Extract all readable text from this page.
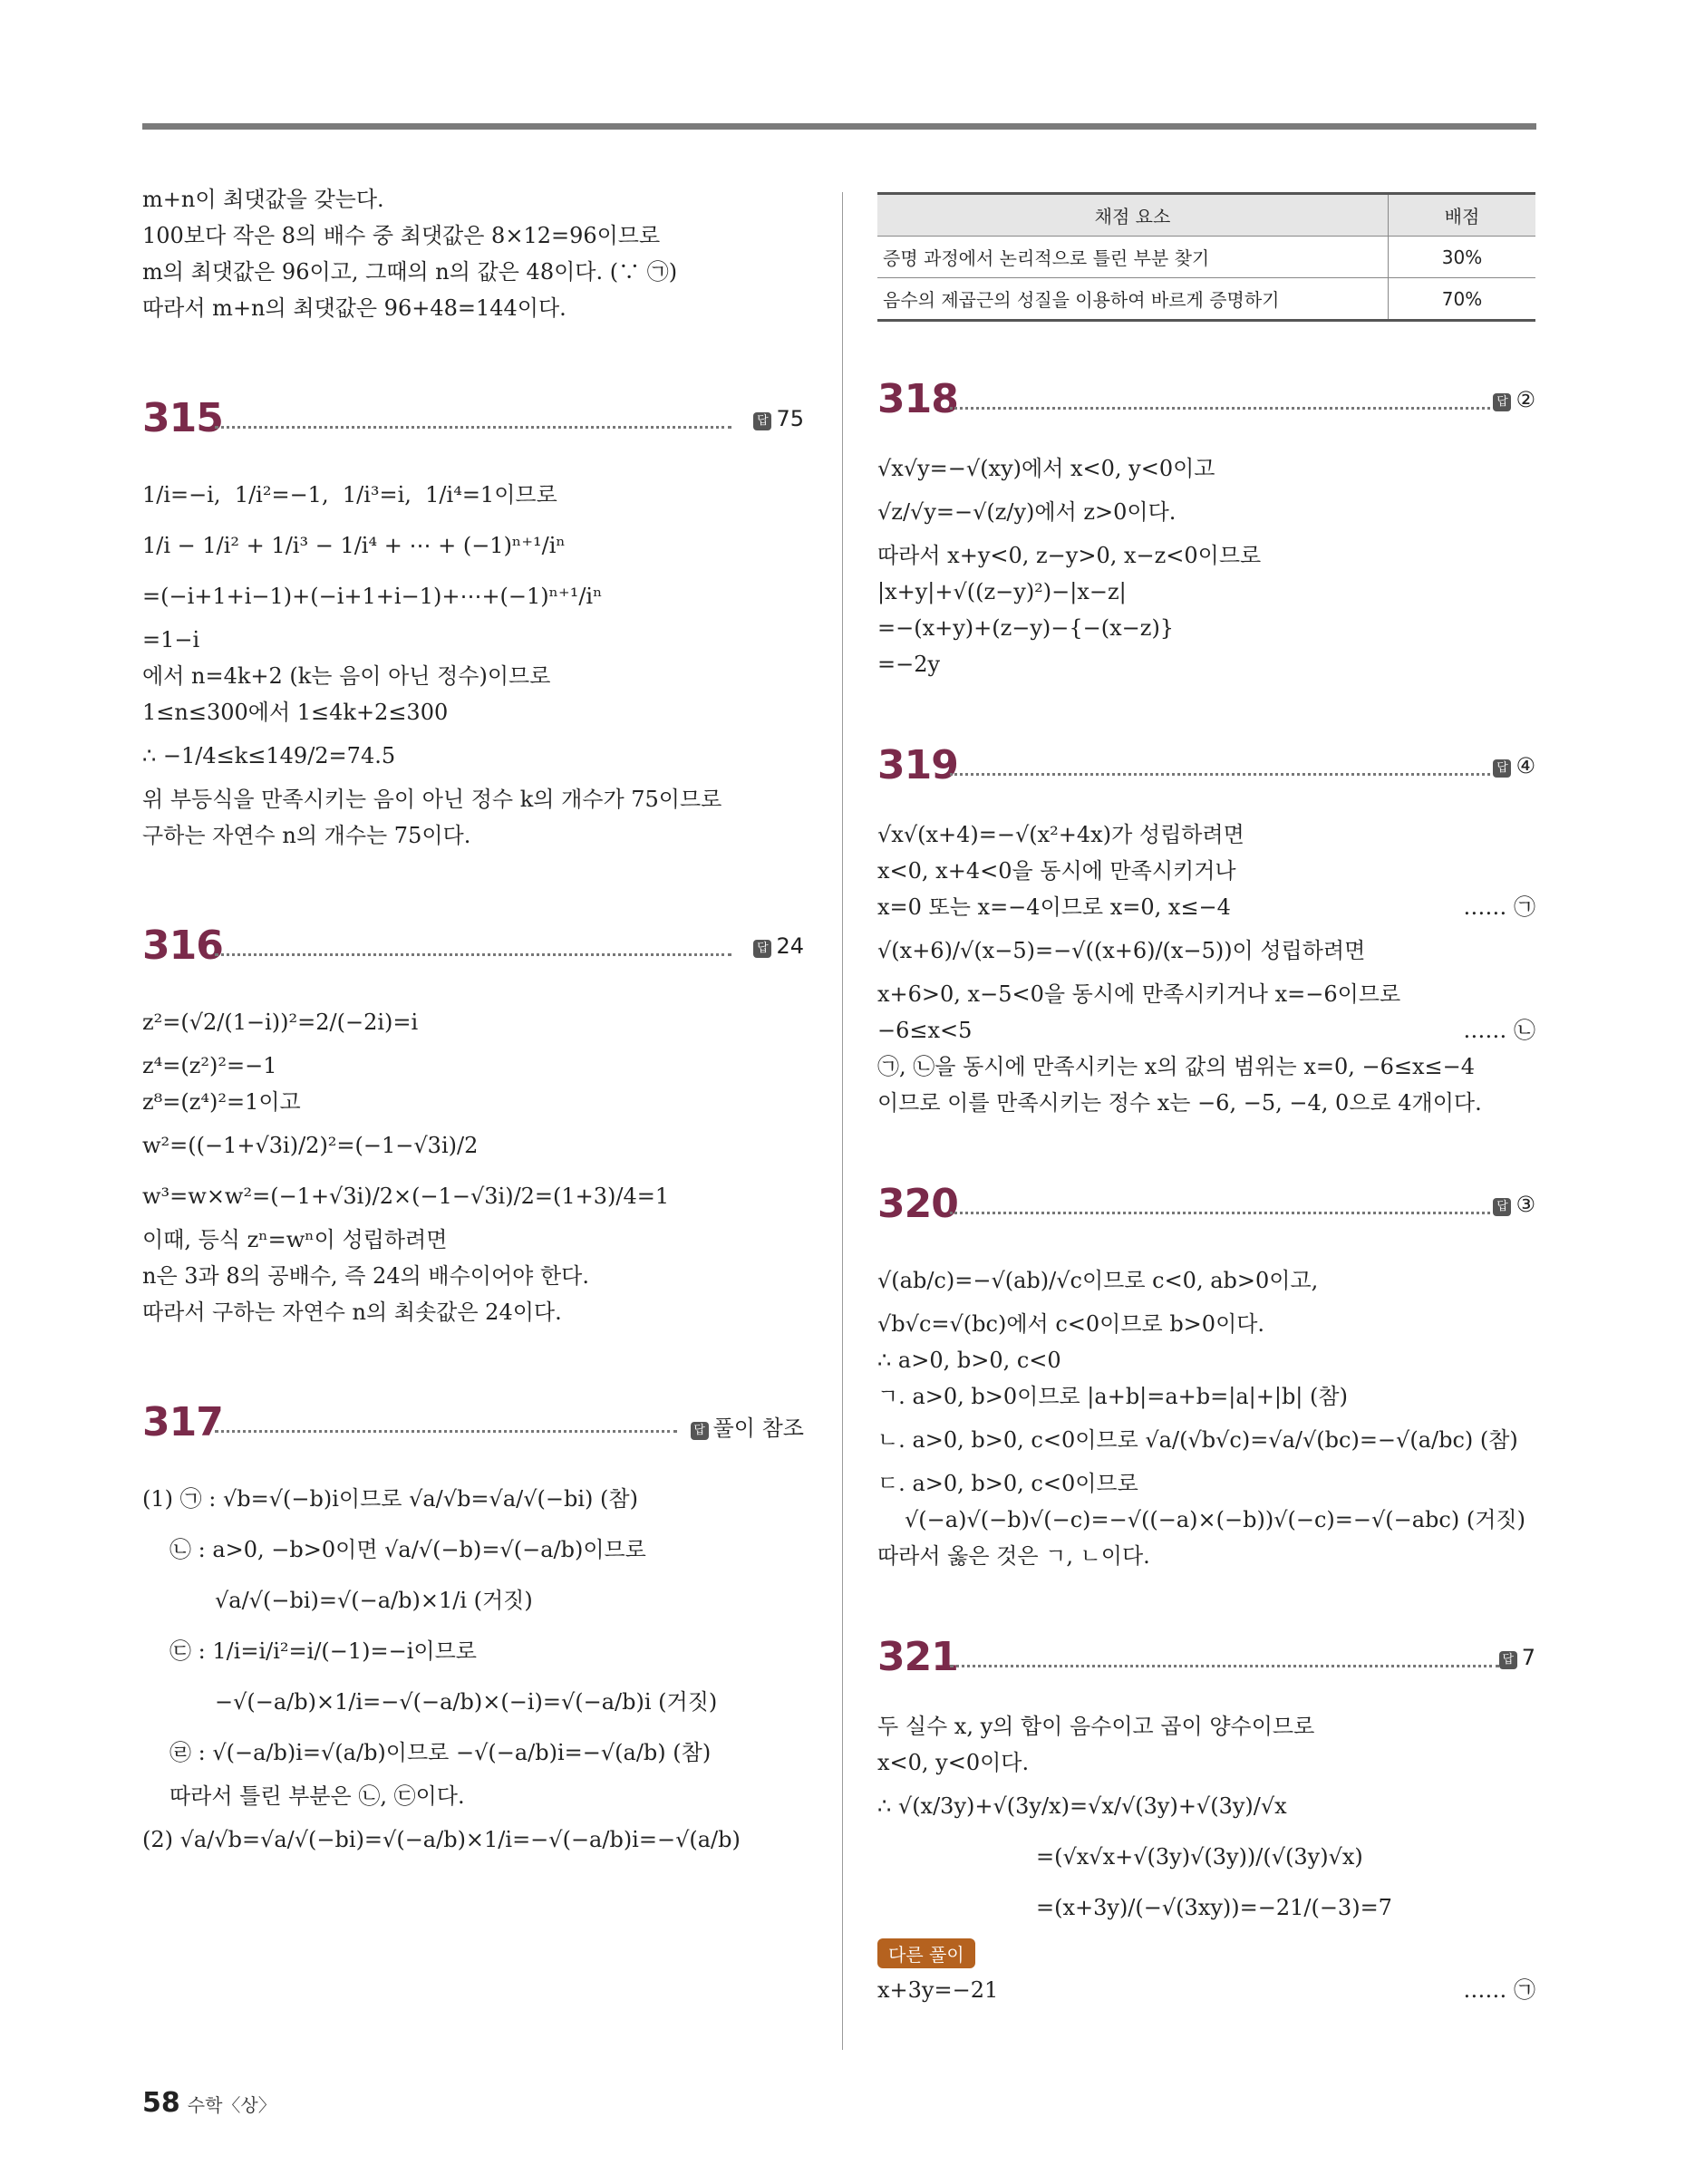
m+n이 최댓값을 갖는다.
100보다 작은 8의 배수 중 최댓값은 8×12=96이므로
m의 최댓값은 96이고, 그때의 n의 값은 48이다. (∵ ㉠)
따라서 m+n의 최댓값은 96+48=144이다.
315	답 75
1/i=−i,  1/i²=−1,  1/i³=i,  1/i⁴=1이므로
1/i − 1/i² + 1/i³ − 1/i⁴ + ⋯ + (−1)ⁿ⁺¹/iⁿ
=(−i+1+i−1)+(−i+1+i−1)+⋯+(−1)ⁿ⁺¹/iⁿ
=1−i
에서 n=4k+2 (k는 음이 아닌 정수)이므로
1≤n≤300에서 1≤4k+2≤300
∴ −1/4≤k≤149/2=74.5
위 부등식을 만족시키는 음이 아닌 정수 k의 개수가 75이므로
구하는 자연수 n의 개수는 75이다.
316	답 24
z²=(√2/(1−i))²=2/(−2i)=i
z⁴=(z²)²=−1
z⁸=(z⁴)²=1이고
w²=((−1+√3i)/2)²=(−1−√3i)/2
w³=w×w²=(−1+√3i)/2×(−1−√3i)/2=(1+3)/4=1
이때, 등식 zⁿ=wⁿ이 성립하려면
n은 3과 8의 공배수, 즉 24의 배수이어야 한다.
따라서 구하는 자연수 n의 최솟값은 24이다.
317	답 풀이 참조
(1) ㉠ : √b=√(−b)i이므로 √a/√b=√a/√(−bi) (참)
㉡ : a>0, −b>0이면 √a/√(−b)=√(−a/b)이므로
√a/√(−bi)=√(−a/b)×1/i (거짓)
㉢ : 1/i=i/i²=i/(−1)=−i이므로
−√(−a/b)×1/i=−√(−a/b)×(−i)=√(−a/b)i (거짓)
㉣ : √(−a/b)i=√(a/b)이므로 −√(−a/b)i=−√(a/b) (참)
따라서 틀린 부분은 ㉡, ㉢이다.
(2) √a/√b=√a/√(−bi)=√(−a/b)×1/i=−√(−a/b)i=−√(a/b)
채점 요소	배점
증명 과정에서 논리적으로 틀린 부분 찾기	30%
음수의 제곱근의 성질을 이용하여 바르게 증명하기	70%
318	답 ②
√x√y=−√(xy)에서 x<0, y<0이고
√z/√y=−√(z/y)에서 z>0이다.
따라서 x+y<0, z−y>0, x−z<0이므로
|x+y|+√((z−y)²)−|x−z|
=−(x+y)+(z−y)−{−(x−z)}
=−2y
319	답 ④
√x√(x+4)=−√(x²+4x)가 성립하려면
x<0, x+4<0을 동시에 만족시키거나
x=0 또는 x=−4이므로 x=0, x≤−4	…… ㉠
√(x+6)/√(x−5)=−√((x+6)/(x−5))이 성립하려면
x+6>0, x−5<0을 동시에 만족시키거나 x=−6이므로
−6≤x<5	…… ㉡
㉠, ㉡을 동시에 만족시키는 x의 값의 범위는 x=0, −6≤x≤−4
이므로 이를 만족시키는 정수 x는 −6, −5, −4, 0으로 4개이다.
320	답 ③
√(ab/c)=−√(ab)/√c이므로 c<0, ab>0이고,
√b√c=√(bc)에서 c<0이므로 b>0이다.
∴ a>0, b>0, c<0
ㄱ. a>0, b>0이므로 |a+b|=a+b=|a|+|b| (참)
ㄴ. a>0, b>0, c<0이므로 √a/(√b√c)=√a/√(bc)=−√(a/bc) (참)
ㄷ. a>0, b>0, c<0이므로
√(−a)√(−b)√(−c)=−√((−a)×(−b))√(−c)=−√(−abc) (거짓)
따라서 옳은 것은 ㄱ, ㄴ이다.
321	답 7
두 실수 x, y의 합이 음수이고 곱이 양수이므로
x<0, y<0이다.
∴ √(x/3y)+√(3y/x)=√x/√(3y)+√(3y)/√x
=(√x√x+√(3y)√(3y))/(√(3y)√x)
=(x+3y)/(−√(3xy))=−21/(−3)=7
다른 풀이
x+3y=−21	…… ㉠
58 수학〈상〉
